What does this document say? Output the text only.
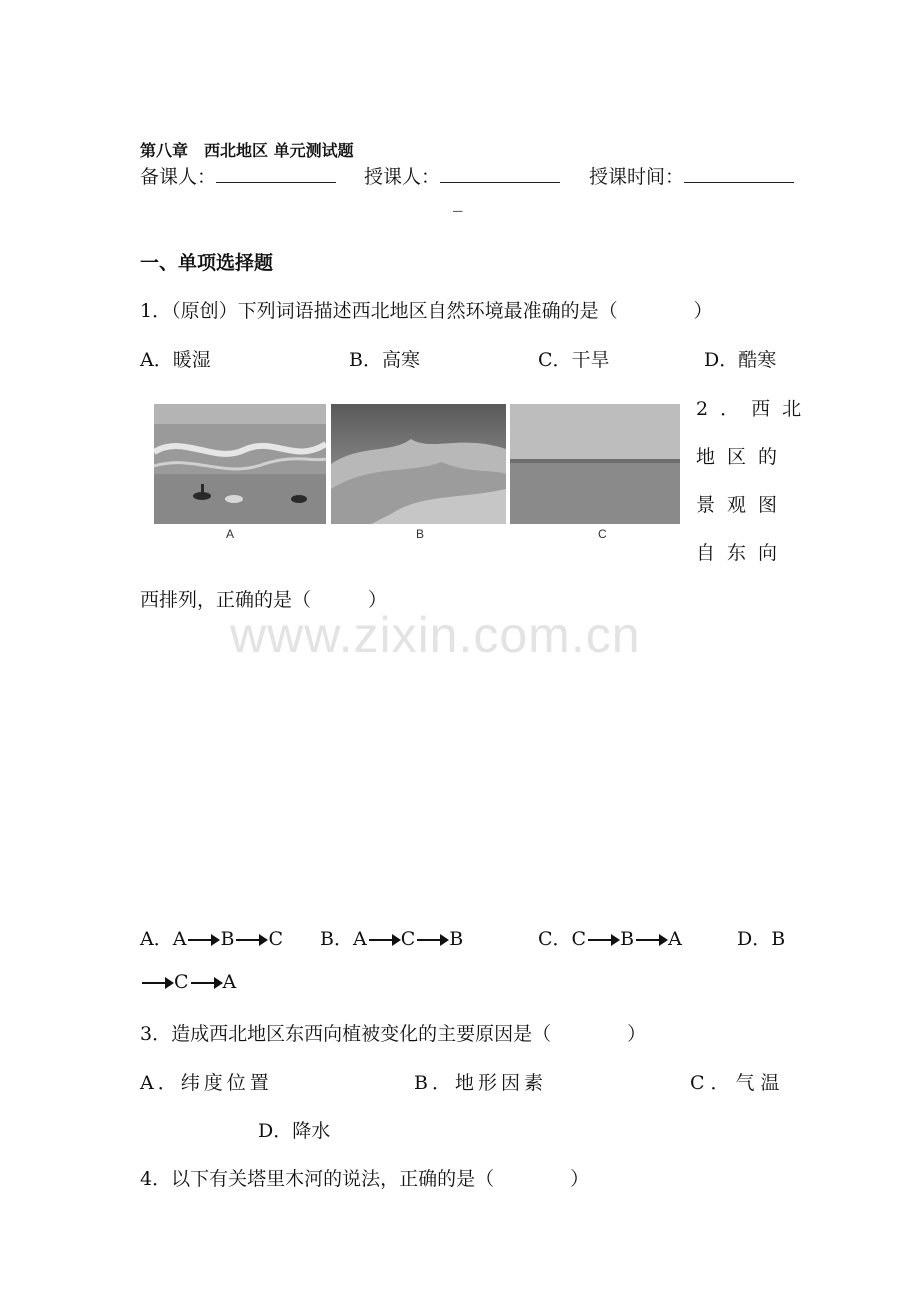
第八章　西北地区 单元测试题
备课人：	授课人：	授课时间：
_
一、单项选择题
1．（原创）下列词语描述西北地区自然环境最准确的是（　　　　）
A．暖湿	B．高寒	C．干旱	D．酷寒
A	B	C
2．西北
地区的
景观图
自东向
西排列，正确的是（　　　）
www.zixin.com.cn
A．A B C B．A C B	C．C B A	D．B
C A
3．造成西北地区东西向植被变化的主要原因是（　　　　）
A．纬度位置	B．地形因素	C．气温
D．降水
4．以下有关塔里木河的说法，正确的是（　　　　）
